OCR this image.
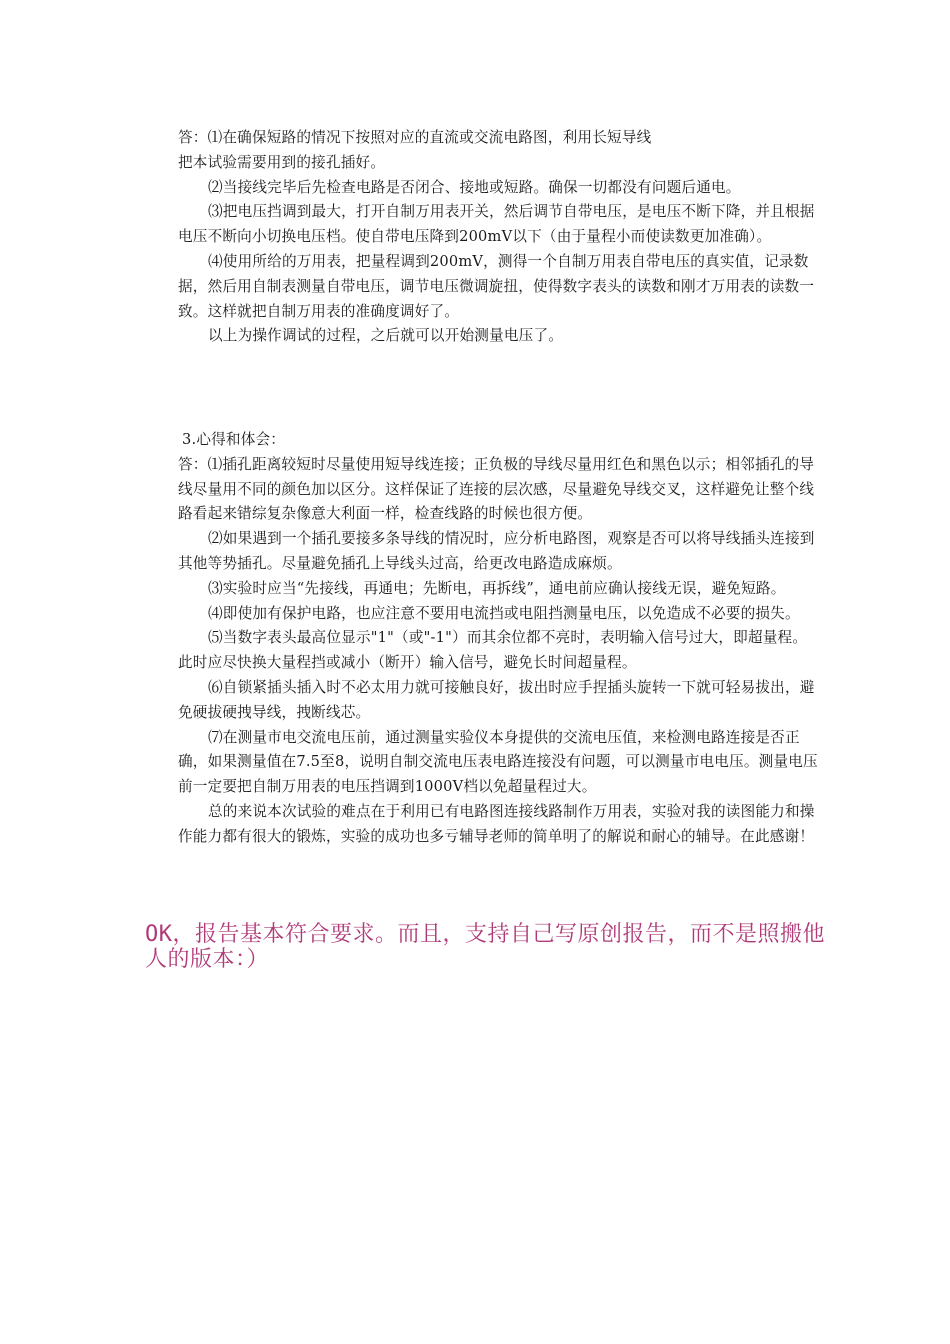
答：⑴在确保短路的情况下按照对应的直流或交流电路图，利用长短导线

把本试验需要用到的接孔插好。

⑵当接线完毕后先检查电路是否闭合、接地或短路。确保一切都没有问题后通电。

⑶把电压挡调到最大，打开自制万用表开关，然后调节自带电压，是电压不断下降，并且根据电压不断向小切换电压档。使自带电压降到200mV以下（由于量程小而使读数更加准确）。

⑷使用所给的万用表，把量程调到200mV，测得一个自制万用表自带电压的真实值，记录数据，然后用自制表测量自带电压，调节电压微调旋扭，使得数字表头的读数和刚才万用表的读数一致。这样就把自制万用表的准确度调好了。

以上为操作调试的过程，之后就可以开始测量电压了。

3.心得和体会：

答：⑴插孔距离较短时尽量使用短导线连接；正负极的导线尽量用红色和黑色以示；相邻插孔的导线尽量用不同的颜色加以区分。这样保证了连接的层次感，尽量避免导线交叉，这样避免让整个线路看起来错综复杂像意大利面一样，检查线路的时候也很方便。

⑵如果遇到一个插孔要接多条导线的情况时，应分析电路图，观察是否可以将导线插头连接到其他等势插孔。尽量避免插孔上导线头过高，给更改电路造成麻烦。

⑶实验时应当“先接线，再通电；先断电，再拆线”，通电前应确认接线无误，避免短路。

⑷即使加有保护电路，也应注意不要用电流挡或电阻挡测量电压，以免造成不必要的损失。

⑸当数字表头最高位显示"1"（或"-1"）而其余位都不亮时，表明输入信号过大，即超量程。此时应尽快换大量程挡或减小（断开）输入信号，避免长时间超量程。

⑹自锁紧插头插入时不必太用力就可接触良好，拔出时应手捏插头旋转一下就可轻易拔出，避免硬拔硬拽导线，拽断线芯。

⑺在测量市电交流电压前，通过测量实验仪本身提供的交流电压值，来检测电路连接是否正确，如果测量值在7.5至8，说明自制交流电压表电路连接没有问题，可以测量市电电压。测量电压前一定要把自制万用表的电压挡调到1000V档以免超量程过大。

总的来说本次试验的难点在于利用已有电路图连接线路制作万用表，实验对我的读图能力和操作能力都有很大的锻炼，实验的成功也多亏辅导老师的简单明了的解说和耐心的辅导。在此感谢！

OK，报告基本符合要求。而且，支持自己写原创报告，而不是照搬他人的版本：）
